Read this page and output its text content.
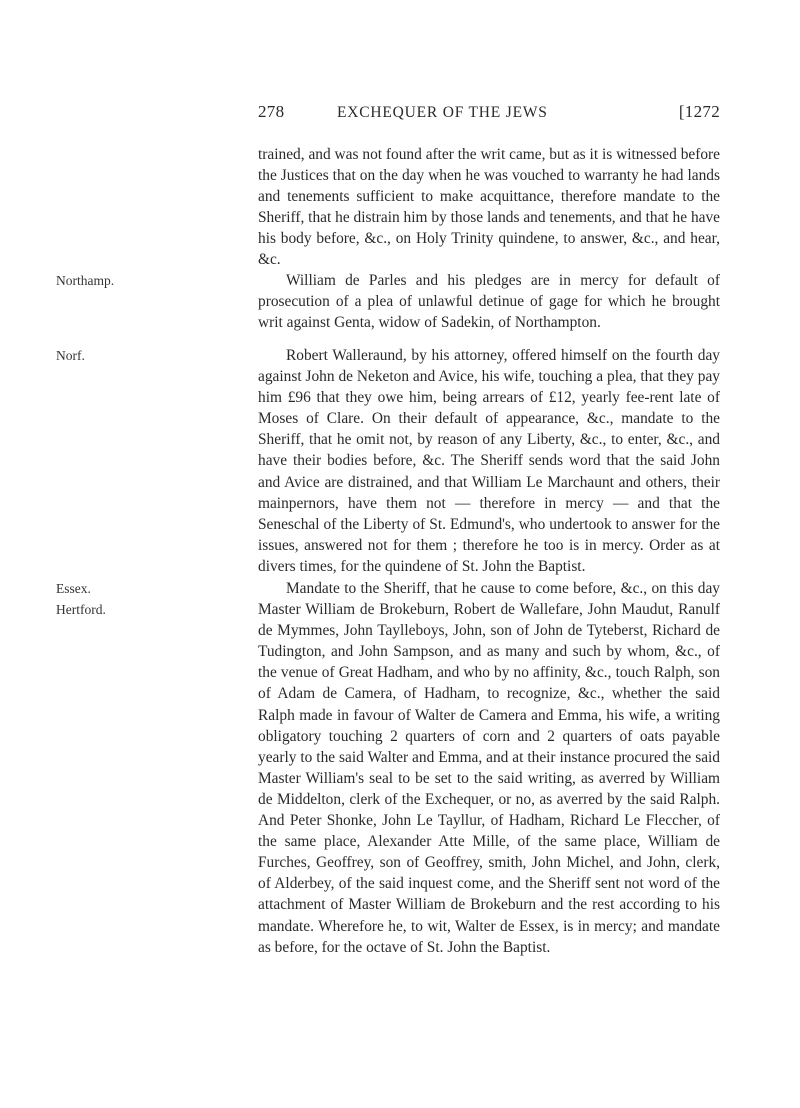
278	EXCHEQUER OF THE JEWS	[1272

trained, and was not found after the writ came, but as it is witnessed before the Justices that on the day when he was vouched to warranty he had lands and tenements sufficient to make acquittance, therefore mandate to the Sheriff, that he distrain him by those lands and tenements, and that he have his body before, &c., on Holy Trinity quindene, to answer, &c., and hear, &c.

Northamp.	William de Parles and his pledges are in mercy for default of prosecution of a plea of unlawful detinue of gage for which he brought writ against Genta, widow of Sadekin, of Northampton.

Norf.	Robert Walleraund, by his attorney, offered himself on the fourth day against John de Neketon and Avice, his wife, touching a plea, that they pay him £96 that they owe him, being arrears of £12, yearly fee-rent late of Moses of Clare. On their default of appearance, &c., mandate to the Sheriff, that he omit not, by reason of any Liberty, &c., to enter, &c., and have their bodies before, &c. The Sheriff sends word that the said John and Avice are distrained, and that William Le Marchaunt and others, their mainpernors, have them not — therefore in mercy — and that the Seneschal of the Liberty of St. Edmund's, who undertook to answer for the issues, answered not for them ; therefore he too is in mercy. Order as at divers times, for the quindene of St. John the Baptist.

Essex.
Hertford.

Mandate to the Sheriff, that he cause to come before, &c., on this day Master William de Brokeburn, Robert de Wallefare, John Maudut, Ranulf de Mymmes, John Taylleboys, John, son of John de Tyteberst, Richard de Tudington, and John Sampson, and as many and such by whom, &c., of the venue of Great Hadham, and who by no affinity, &c., touch Ralph, son of Adam de Camera, of Hadham, to recognize, &c., whether the said Ralph made in favour of Walter de Camera and Emma, his wife, a writing obligatory touching 2 quarters of corn and 2 quarters of oats payable yearly to the said Walter and Emma, and at their instance procured the said Master William's seal to be set to the said writing, as averred by William de Middelton, clerk of the Exchequer, or no, as averred by the said Ralph. And Peter Shonke, John Le Tayllur, of Hadham, Richard Le Fleccher, of the same place, Alexander Atte Mille, of the same place, William de Furches, Geoffrey, son of Geoffrey, smith, John Michel, and John, clerk, of Alderbey, of the said inquest come, and the Sheriff sent not word of the attachment of Master William de Brokeburn and the rest according to his mandate. Wherefore he, to wit, Walter de Essex, is in mercy; and mandate as before, for the octave of St. John the Baptist.
